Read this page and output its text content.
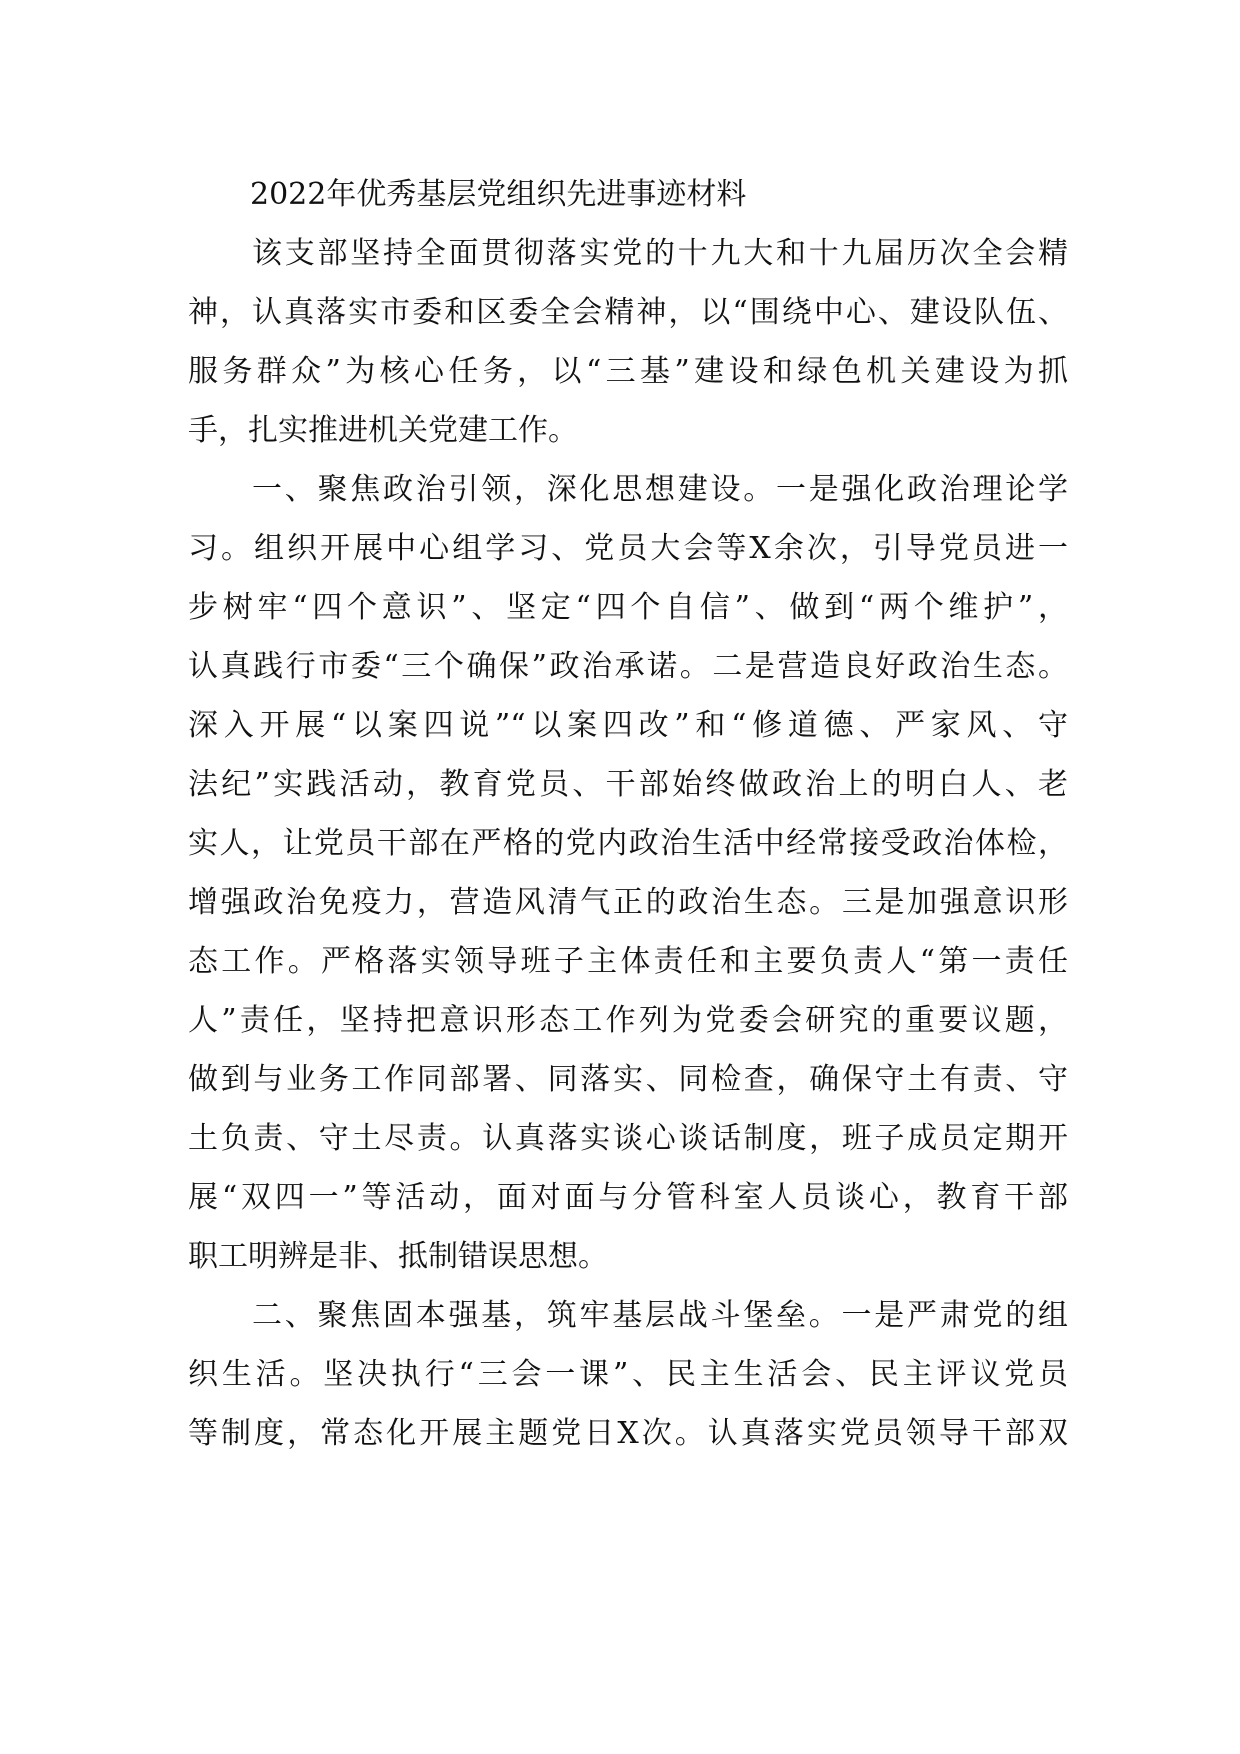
2022年优秀基层党组织先进事迹材料
该支部坚持全面贯彻落实党的十九大和十九届历次全会精
神，认真落实市委和区委全会精神，以“围绕中心、建设队伍、
服务群众”为核心任务，以“三基”建设和绿色机关建设为抓
手，扎实推进机关党建工作。
一、聚焦政治引领，深化思想建设。一是强化政治理论学
习。组织开展中心组学习、党员大会等X余次，引导党员进一
步树牢“四个意识”、坚定“四个自信”、做到“两个维护”，
认真践行市委“三个确保”政治承诺。二是营造良好政治生态。
深入开展“以案四说”“以案四改”和“修道德、严家风、守
法纪”实践活动，教育党员、干部始终做政治上的明白人、老
实人，让党员干部在严格的党内政治生活中经常接受政治体检，
增强政治免疫力，营造风清气正的政治生态。三是加强意识形
态工作。严格落实领导班子主体责任和主要负责人“第一责任
人”责任，坚持把意识形态工作列为党委会研究的重要议题，
做到与业务工作同部署、同落实、同检查，确保守土有责、守
土负责、守土尽责。认真落实谈心谈话制度，班子成员定期开
展“双四一”等活动，面对面与分管科室人员谈心，教育干部
职工明辨是非、抵制错误思想。
二、聚焦固本强基，筑牢基层战斗堡垒。一是严肃党的组
织生活。坚决执行“三会一课”、民主生活会、民主评议党员
等制度，常态化开展主题党日X次。认真落实党员领导干部双
